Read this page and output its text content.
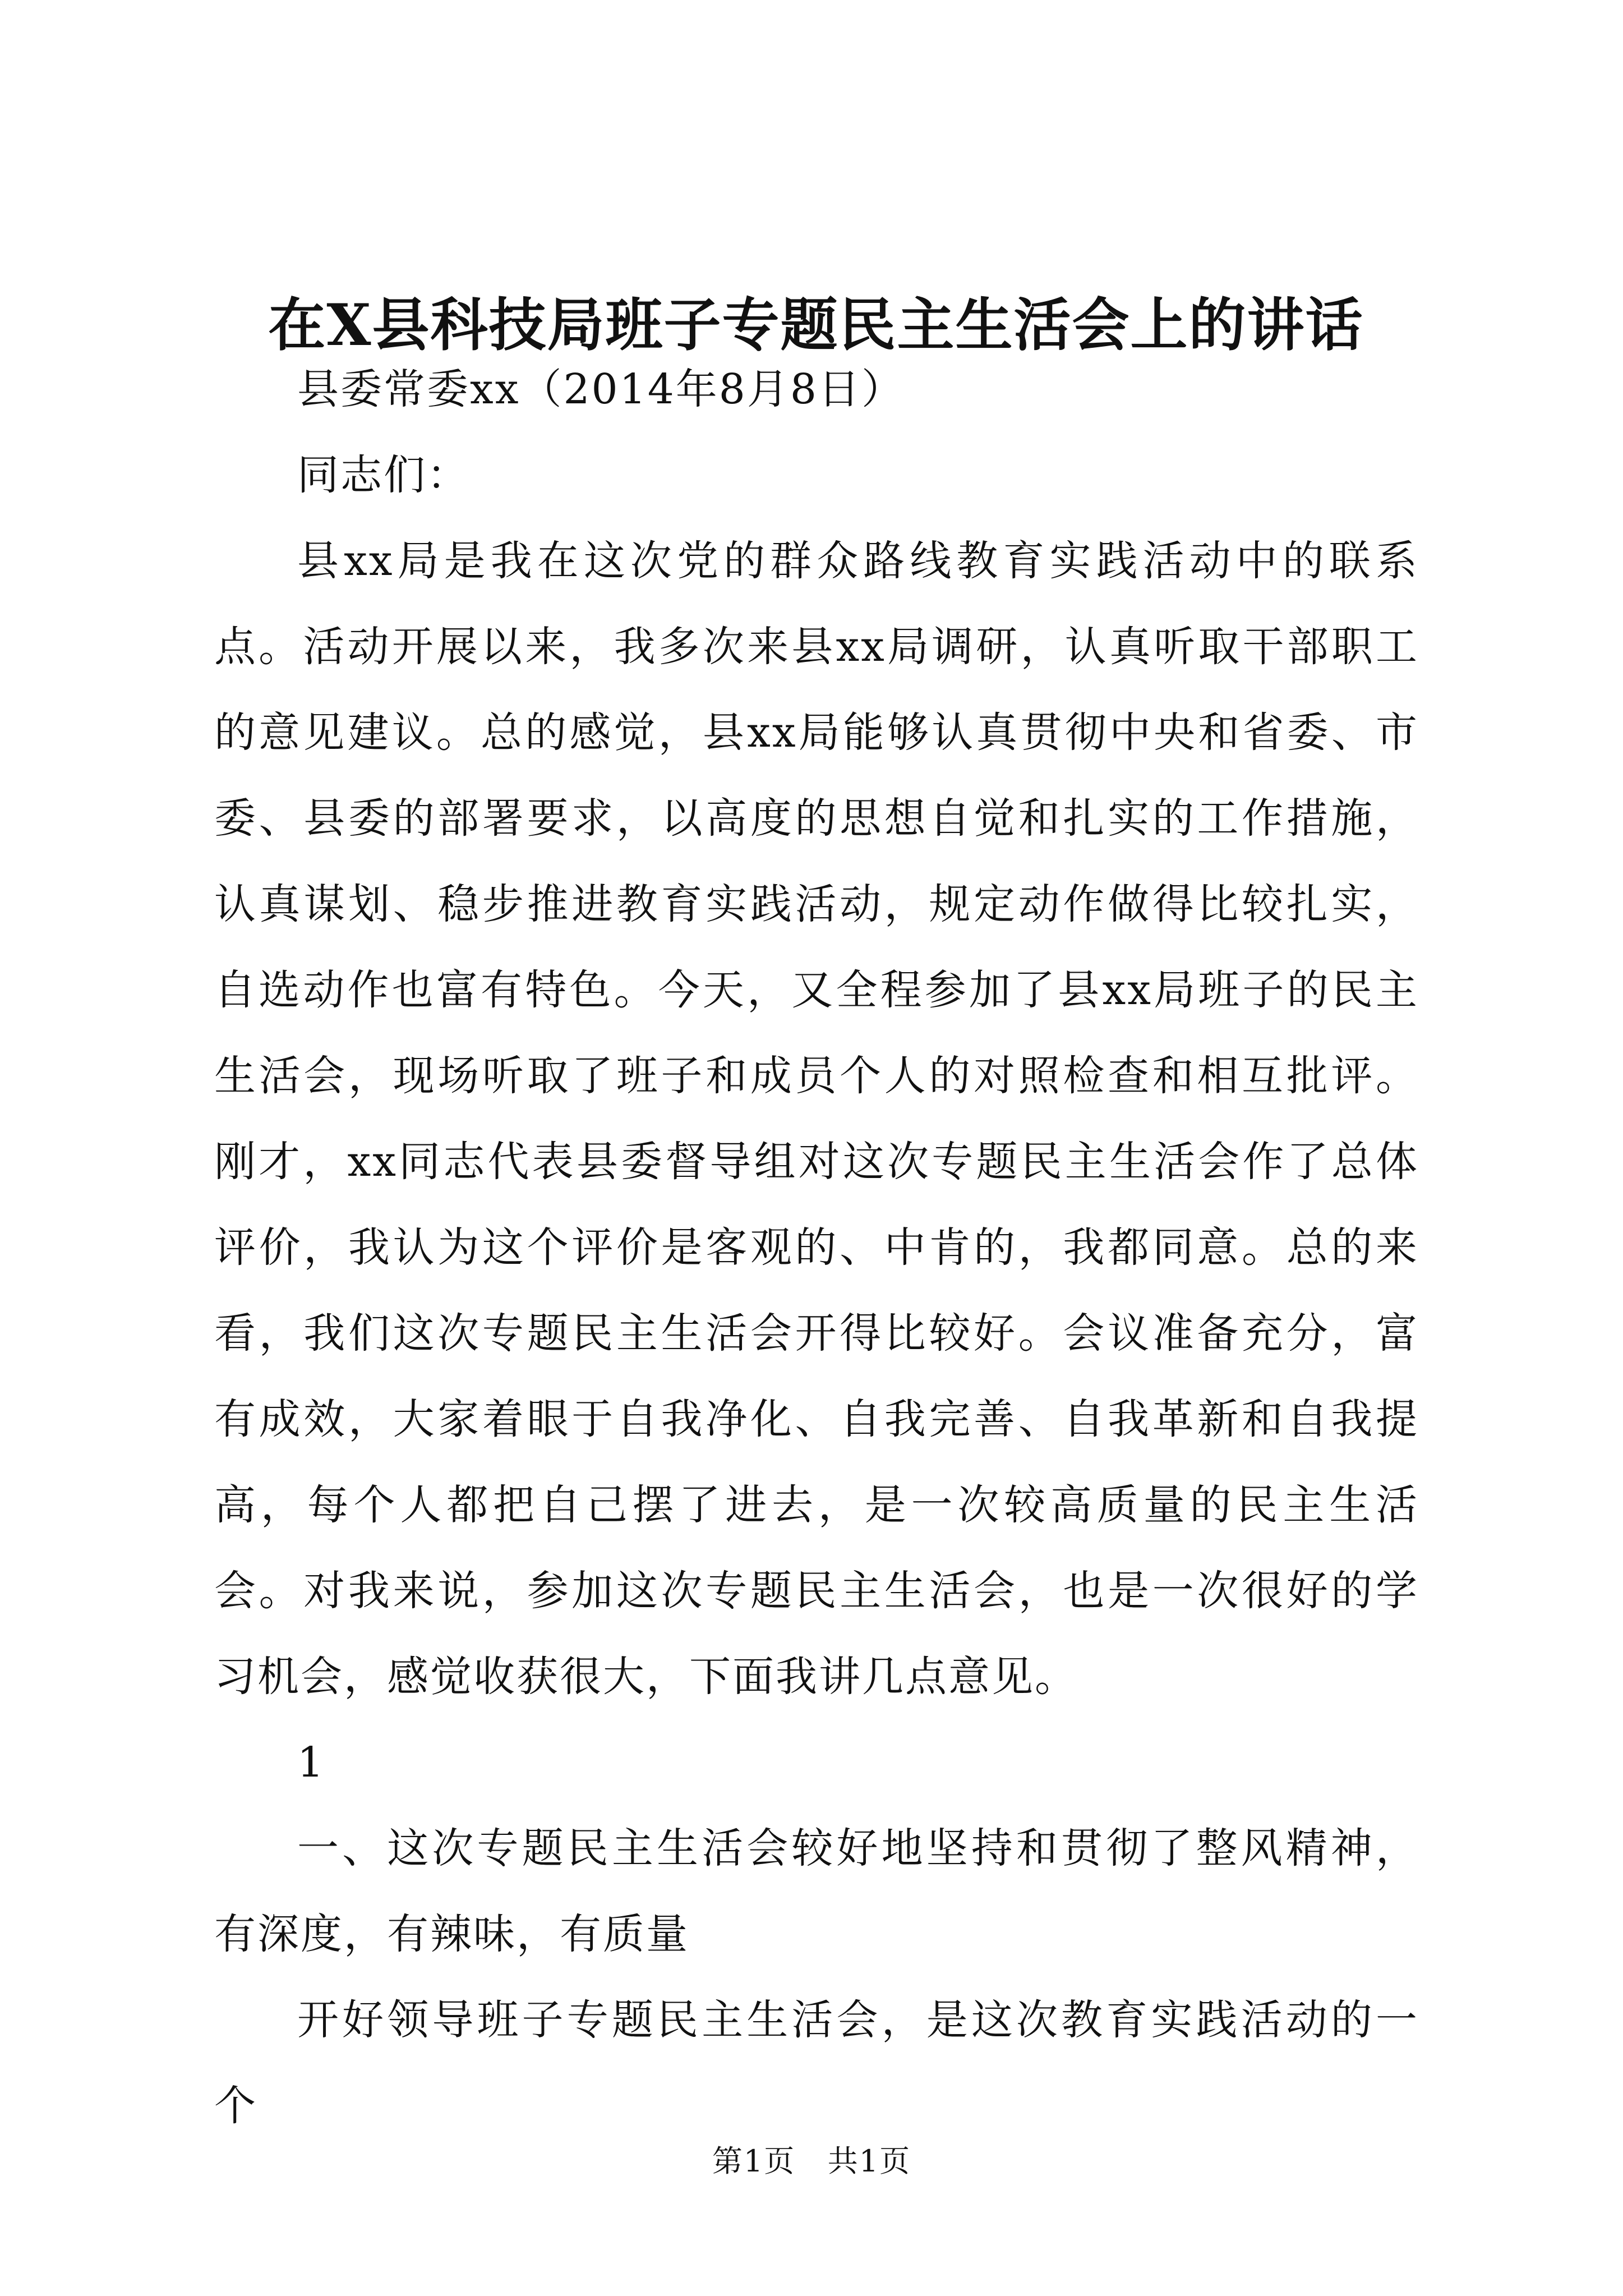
在X县科技局班子专题民主生活会上的讲话

县委常委xx（2014年8月8日）

同志们：

县xx局是我在这次党的群众路线教育实践活动中的联系点。活动开展以来，我多次来县xx局调研，认真听取干部职工的意见建议。总的感觉，县xx局能够认真贯彻中央和省委、市委、县委的部署要求，以高度的思想自觉和扎实的工作措施，认真谋划、稳步推进教育实践活动，规定动作做得比较扎实，自选动作也富有特色。今天，又全程参加了县xx局班子的民主生活会，现场听取了班子和成员个人的对照检查和相互批评。刚才，xx同志代表县委督导组对这次专题民主生活会作了总体评价，我认为这个评价是客观的、中肯的，我都同意。总的来看，我们这次专题民主生活会开得比较好。会议准备充分，富有成效，大家着眼于自我净化、自我完善、自我革新和自我提高，每个人都把自己摆了进去，是一次较高质量的民主生活会。对我来说，参加这次专题民主生活会，也是一次很好的学习机会，感觉收获很大，下面我讲几点意见。

1

一、这次专题民主生活会较好地坚持和贯彻了整风精神，有深度，有辣味，有质量

开好领导班子专题民主生活会，是这次教育实践活动的一个

第1页 共1页
